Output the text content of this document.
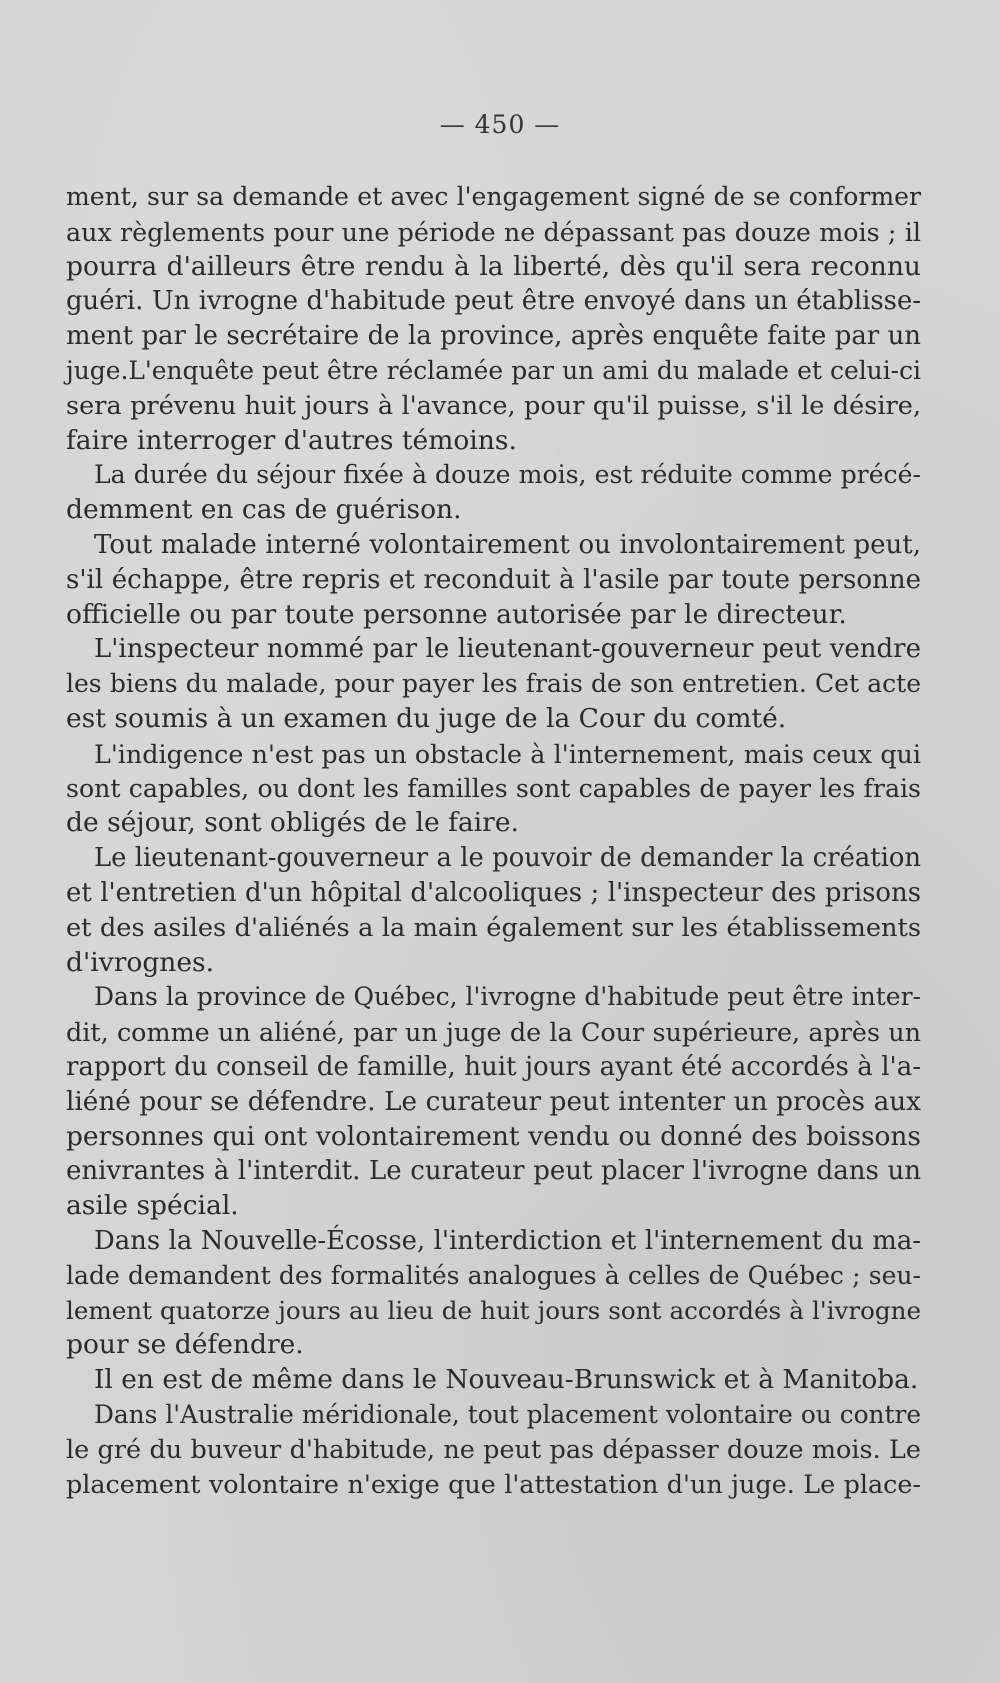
— 450 —

ment, sur sa demande et avec l'engagement signé de se conformer
aux règlements pour une période ne dépassant pas douze mois ; il
pourra d'ailleurs être rendu à la liberté, dès qu'il sera reconnu
guéri. Un ivrogne d'habitude peut être envoyé dans un établisse-
ment par le secrétaire de la province, après enquête faite par un
juge.L'enquête peut être réclamée par un ami du malade et celui-ci
sera prévenu huit jours à l'avance, pour qu'il puisse, s'il le désire,
faire interroger d'autres témoins.

La durée du séjour fixée à douze mois, est réduite comme précé-
demment en cas de guérison.

Tout malade interné volontairement ou involontairement peut,
s'il échappe, être repris et reconduit à l'asile par toute personne
officielle ou par toute personne autorisée par le directeur.

L'inspecteur nommé par le lieutenant-gouverneur peut vendre
les biens du malade, pour payer les frais de son entretien. Cet acte
est soumis à un examen du juge de la Cour du comté.

L'indigence n'est pas un obstacle à l'internement, mais ceux qui
sont capables, ou dont les familles sont capables de payer les frais
de séjour, sont obligés de le faire.

Le lieutenant-gouverneur a le pouvoir de demander la création
et l'entretien d'un hôpital d'alcooliques ; l'inspecteur des prisons
et des asiles d'aliénés a la main également sur les établissements
d'ivrognes.

Dans la province de Québec, l'ivrogne d'habitude peut être inter-
dit, comme un aliéné, par un juge de la Cour supérieure, après un
rapport du conseil de famille, huit jours ayant été accordés à l'a-
liéné pour se défendre. Le curateur peut intenter un procès aux
personnes qui ont volontairement vendu ou donné des boissons
enivrantes à l'interdit. Le curateur peut placer l'ivrogne dans un
asile spécial.

Dans la Nouvelle-Écosse, l'interdiction et l'internement du ma-
lade demandent des formalités analogues à celles de Québec ; seu-
lement quatorze jours au lieu de huit jours sont accordés à l'ivrogne
pour se défendre.

Il en est de même dans le Nouveau-Brunswick et à Manitoba.

Dans l'Australie méridionale, tout placement volontaire ou contre
le gré du buveur d'habitude, ne peut pas dépasser douze mois. Le
placement volontaire n'exige que l'attestation d'un juge. Le place-
